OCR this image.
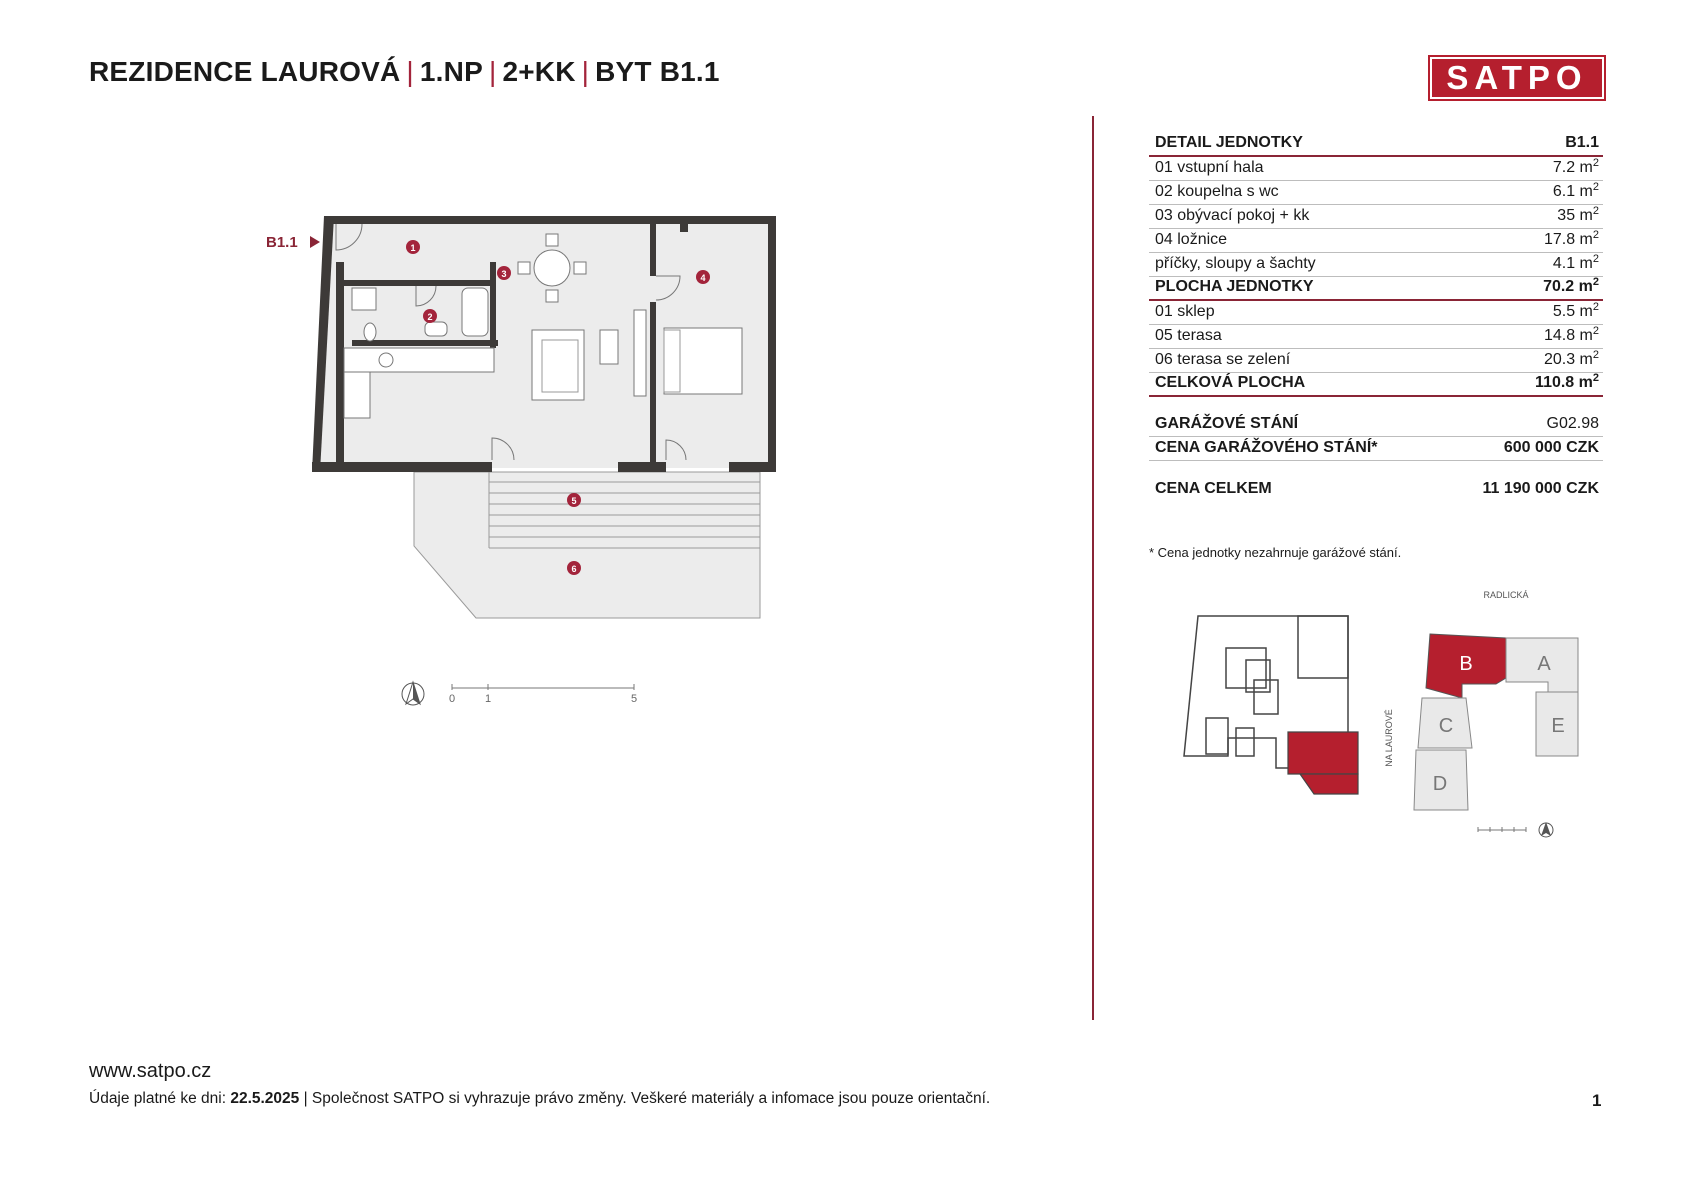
REZIDENCE LAUROVÁ | 1.NP | 2+KK | BYT B1.1	SATPO
B1.1	1
2
3	4
5
6
0	1	5
DETAIL JEDNOTKY	B1.1
01 vstupní hala	7.2 $m^2$
02 koupelna s wc	6.1 $m^2$
03 obývací pokoj + kk	35 $m^2$
04 ložnice	17.8 $m^2$
příčky, sloupy a šachty	4.1 $m^2$
PLOCHA JEDNOTKY	70.2 $m^2$
01 sklep	5.5 $m^2$
05 terasa	14.8 $m^2$
06 terasa se zelení	20.3 $m^2$
CELKOVÁ PLOCHA	110.8 $m^2$
GARÁŽOVÉ STÁNÍ	G02.98
CENA GARÁŽOVÉHO STÁNÍ*	600 000 CZK
CENA CELKEM	11 190 000 CZK
* Cena jednotky nezahrnuje garážové stání.
B	A
E
C
D
RADLICKÁ
NA LAUROVÉ
www.satpo.cz
Údaje platné ke dni: 22.5.2025 | Společnost SATPO si vyhrazuje právo změny. Veškeré materiály a infomace jsou pouze orientační.	1
